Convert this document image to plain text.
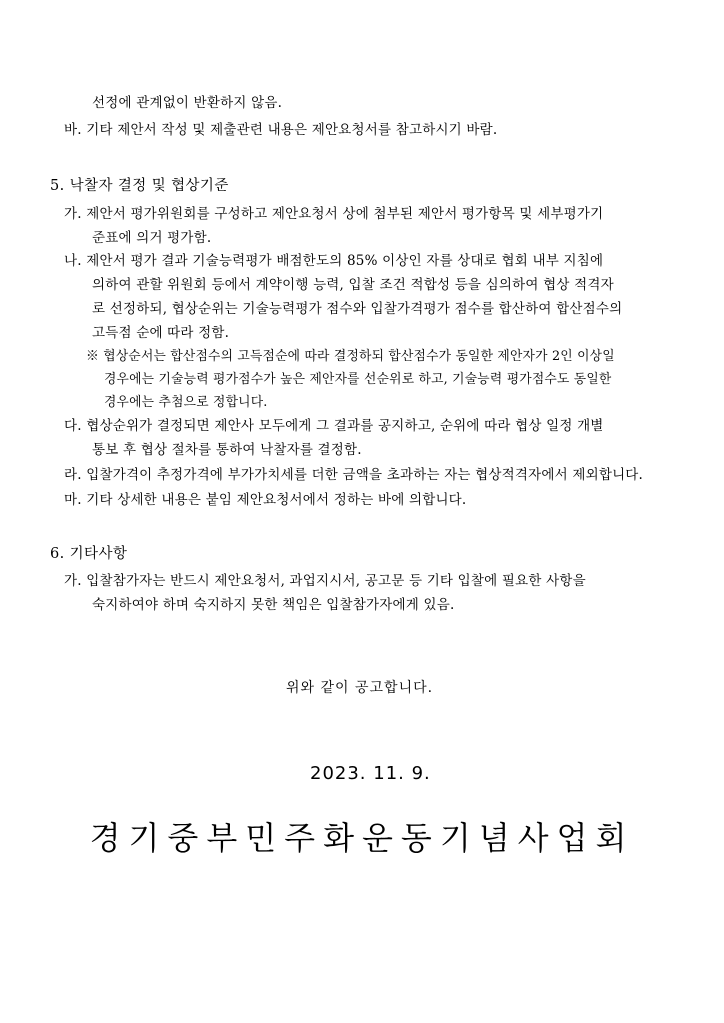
선정에 관계없이 반환하지 않음.
바. 기타 제안서 작성 및 제출관련 내용은 제안요청서를 참고하시기 바람.
5. 낙찰자 결정 및 협상기준
가. 제안서 평가위원회를 구성하고 제안요청서 상에 첨부된 제안서 평가항목 및 세부평가기
준표에 의거 평가함.
나. 제안서 평가 결과 기술능력평가 배점한도의 85% 이상인 자를 상대로 협회 내부 지침에
의하여 관할 위원회 등에서 계약이행 능력, 입찰 조건 적합성 등을 심의하여 협상 적격자
로 선정하되, 협상순위는 기술능력평가 점수와 입찰가격평가 점수를 합산하여 합산점수의
고득점 순에 따라 정함.
※ 협상순서는 합산점수의 고득점순에 따라 결정하되 합산점수가 동일한 제안자가 2인 이상일
경우에는 기술능력 평가점수가 높은 제안자를 선순위로 하고, 기술능력 평가점수도 동일한
경우에는 추첨으로 정합니다.
다. 협상순위가 결정되면 제안사 모두에게 그 결과를 공지하고, 순위에 따라 협상 일정 개별
통보 후 협상 절차를 통하여 낙찰자를 결정함.
라. 입찰가격이 추정가격에 부가가치세를 더한 금액을 초과하는 자는 협상적격자에서 제외합니다.
마. 기타 상세한 내용은 붙임 제안요청서에서 정하는 바에 의합니다.
6. 기타사항
가. 입찰참가자는 반드시 제안요청서, 과업지시서, 공고문 등 기타 입찰에 필요한 사항을
숙지하여야 하며 숙지하지 못한 책임은 입찰참가자에게 있음.
위와 같이 공고합니다.
2023. 11. 9.
경기중부민주화운동기념사업회
